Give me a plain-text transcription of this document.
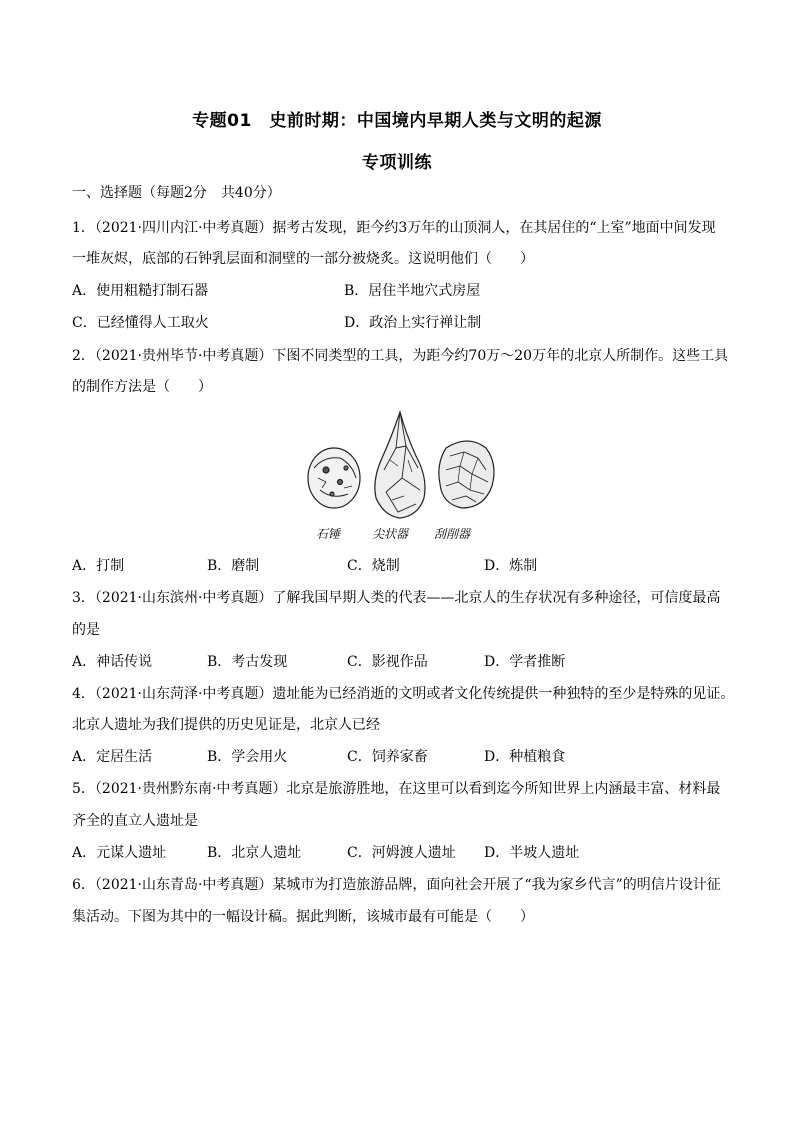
专题01　史前时期：中国境内早期人类与文明的起源
专项训练
一、选择题（每题2分　共40分）
1．（2021·四川内江·中考真题）据考古发现，距今约3万年的山顶洞人，在其居住的“上室”地面中间发现
一堆灰烬，底部的石钟乳层面和洞壁的一部分被烧炙。这说明他们（　　）
A．使用粗糙打制石器	B．居住半地穴式房屋
C．已经懂得人工取火	D．政治上实行禅让制
2．（2021·贵州毕节·中考真题）下图不同类型的工具，为距今约70万～20万年的北京人所制作。这些工具
的制作方法是（　　）
石锤	尖状器 刮削器
A．打制	B．磨制	C．烧制	D．炼制
3．（2021·山东滨州·中考真题）了解我国早期人类的代表——北京人的生存状况有多种途径，可信度最高
的是
A．神话传说	B．考古发现	C．影视作品	D．学者推断
4．（2021·山东菏泽·中考真题）遗址能为已经消逝的文明或者文化传统提供一种独特的至少是特殊的见证。
北京人遗址为我们提供的历史见证是，北京人已经
A．定居生活	B．学会用火	C．饲养家畜	D．种植粮食
5．（2021·贵州黔东南·中考真题）北京是旅游胜地，在这里可以看到迄今所知世界上内涵最丰富、材料最
齐全的直立人遗址是
A．元谋人遗址	B．北京人遗址	C．河姆渡人遗址 D．半坡人遗址
6．（2021·山东青岛·中考真题）某城市为打造旅游品牌，面向社会开展了“我为家乡代言”的明信片设计征
集活动。下图为其中的一幅设计稿。据此判断，该城市最有可能是（　　）
